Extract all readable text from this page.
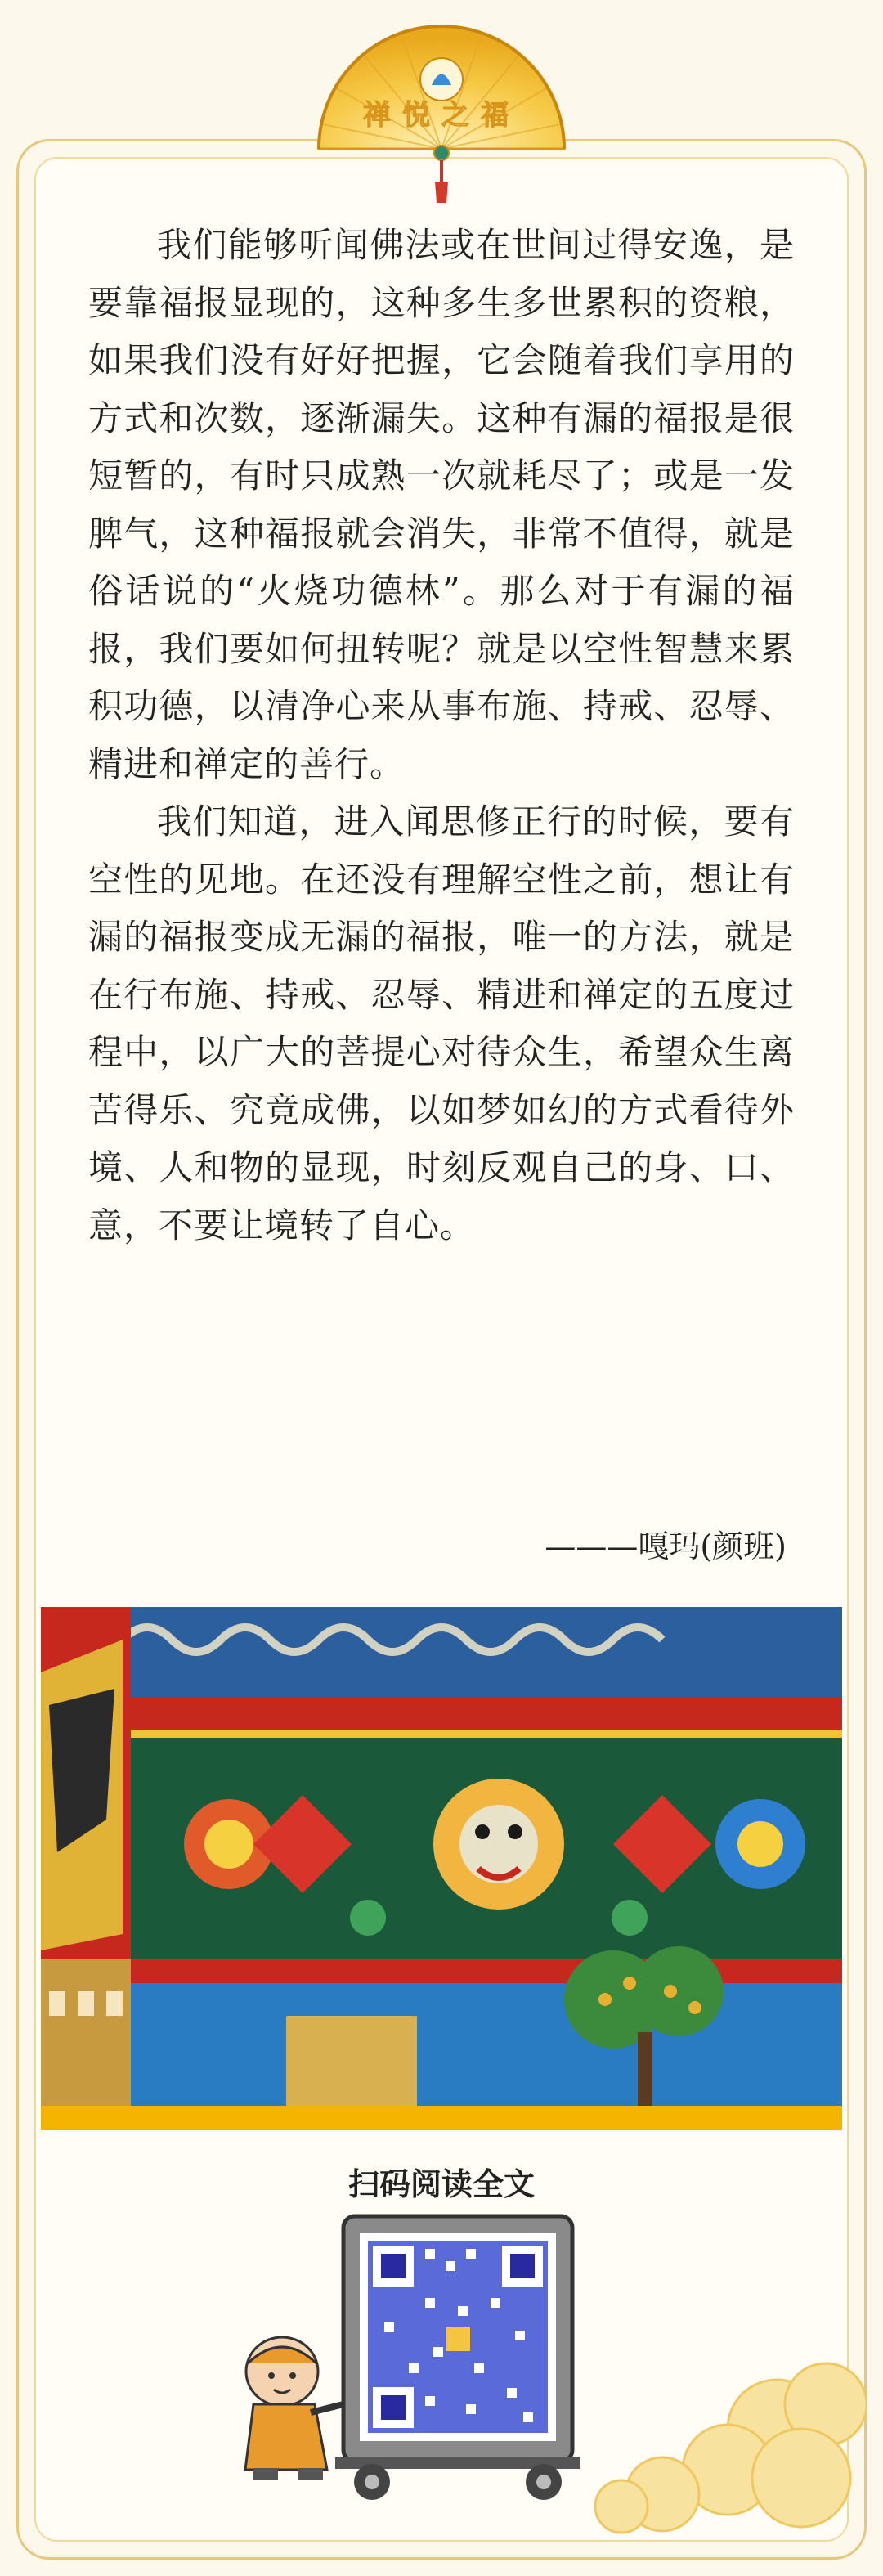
禅悦之福

我们能够听闻佛法或在世间过得安逸，是要靠福报显现的，这种多生多世累积的资粮，如果我们没有好好把握，它会随着我们享用的方式和次数，逐渐漏失。这种有漏的福报是很短暂的，有时只成熟一次就耗尽了；或是一发脾气，这种福报就会消失，非常不值得，就是俗话说的“火烧功德林”。那么对于有漏的福报，我们要如何扭转呢？就是以空性智慧来累积功德，以清净心来从事布施、持戒、忍辱、精进和禅定的善行。

我们知道，进入闻思修正行的时候，要有空性的见地。在还没有理解空性之前，想让有漏的福报变成无漏的福报，唯一的方法，就是在行布施、持戒、忍辱、精进和禅定的五度过程中，以广大的菩提心对待众生，希望众生离苦得乐、究竟成佛，以如梦如幻的方式看待外境、人和物的显现，时刻反观自己的身、口、意，不要让境转了自心。

———嘎玛(颜班)
扫码阅读全文
